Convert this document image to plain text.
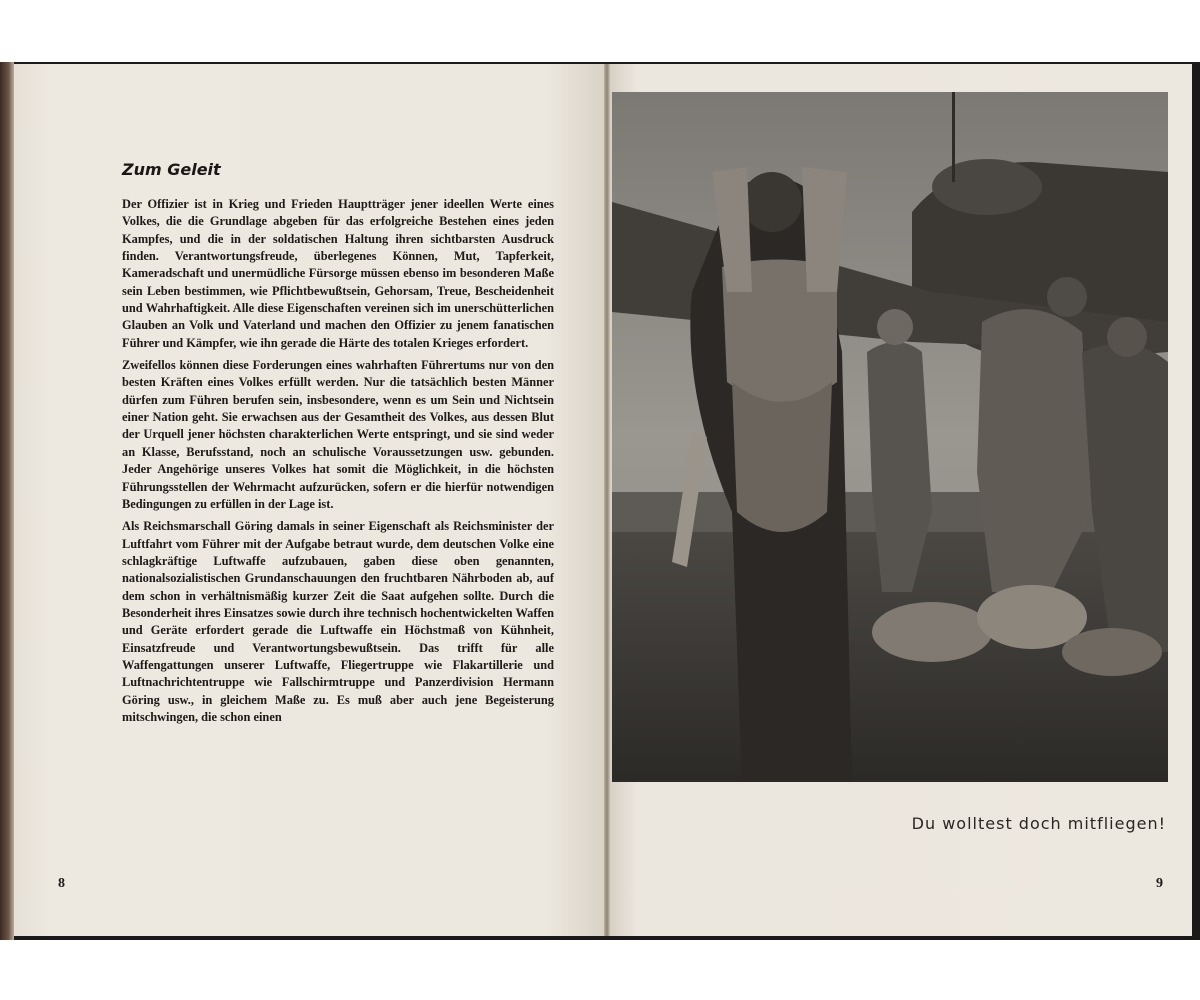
Zum Geleit

Der Offizier ist in Krieg und Frieden Hauptträger jener ideellen Werte eines Volkes, die die Grundlage abgeben für das erfolgreiche Bestehen eines jeden Kampfes, und die in der soldatischen Haltung ihren sichtbarsten Ausdruck finden. Verantwortungsfreude, überlegenes Können, Mut, Tapferkeit, Kameradschaft und unermüdliche Fürsorge müssen ebenso im besonderen Maße sein Leben bestimmen, wie Pflichtbewußtsein, Gehorsam, Treue, Bescheidenheit und Wahrhaftigkeit. Alle diese Eigenschaften vereinen sich im unerschütterlichen Glauben an Volk und Vaterland und machen den Offizier zu jenem fanatischen Führer und Kämpfer, wie ihn gerade die Härte des totalen Krieges erfordert.

Zweifellos können diese Forderungen eines wahrhaften Führertums nur von den besten Kräften eines Volkes erfüllt werden. Nur die tatsächlich besten Männer dürfen zum Führen berufen sein, insbesondere, wenn es um Sein und Nichtsein einer Nation geht. Sie erwachsen aus der Gesamtheit des Volkes, aus dessen Blut der Urquell jener höchsten charakterlichen Werte entspringt, und sie sind weder an Klasse, Berufsstand, noch an schulische Voraussetzungen usw. gebunden. Jeder Angehörige unseres Volkes hat somit die Möglichkeit, in die höchsten Führungsstellen der Wehrmacht aufzurücken, sofern er die hierfür notwendigen Bedingungen zu erfüllen in der Lage ist.

Als Reichsmarschall Göring damals in seiner Eigenschaft als Reichsminister der Luftfahrt vom Führer mit der Aufgabe betraut wurde, dem deutschen Volke eine schlagkräftige Luftwaffe aufzubauen, gaben diese oben genannten, nationalsozialistischen Grundanschauungen den fruchtbaren Nährboden ab, auf dem schon in verhältnismäßig kurzer Zeit die Saat aufgehen sollte. Durch die Besonderheit ihres Einsatzes sowie durch ihre technisch hochentwickelten Waffen und Geräte erfordert gerade die Luftwaffe ein Höchstmaß von Kühnheit, Einsatzfreude und Verantwortungsbewußtsein. Das trifft für alle Waffengattungen unserer Luftwaffe, Fliegertruppe wie Flakartillerie und Luftnachrichtentruppe wie Fallschirmtruppe und Panzerdivision Hermann Göring usw., in gleichem Maße zu. Es muß aber auch jene Begeisterung mitschwingen, die schon einen

8
Du wolltest doch mitfliegen!
9
